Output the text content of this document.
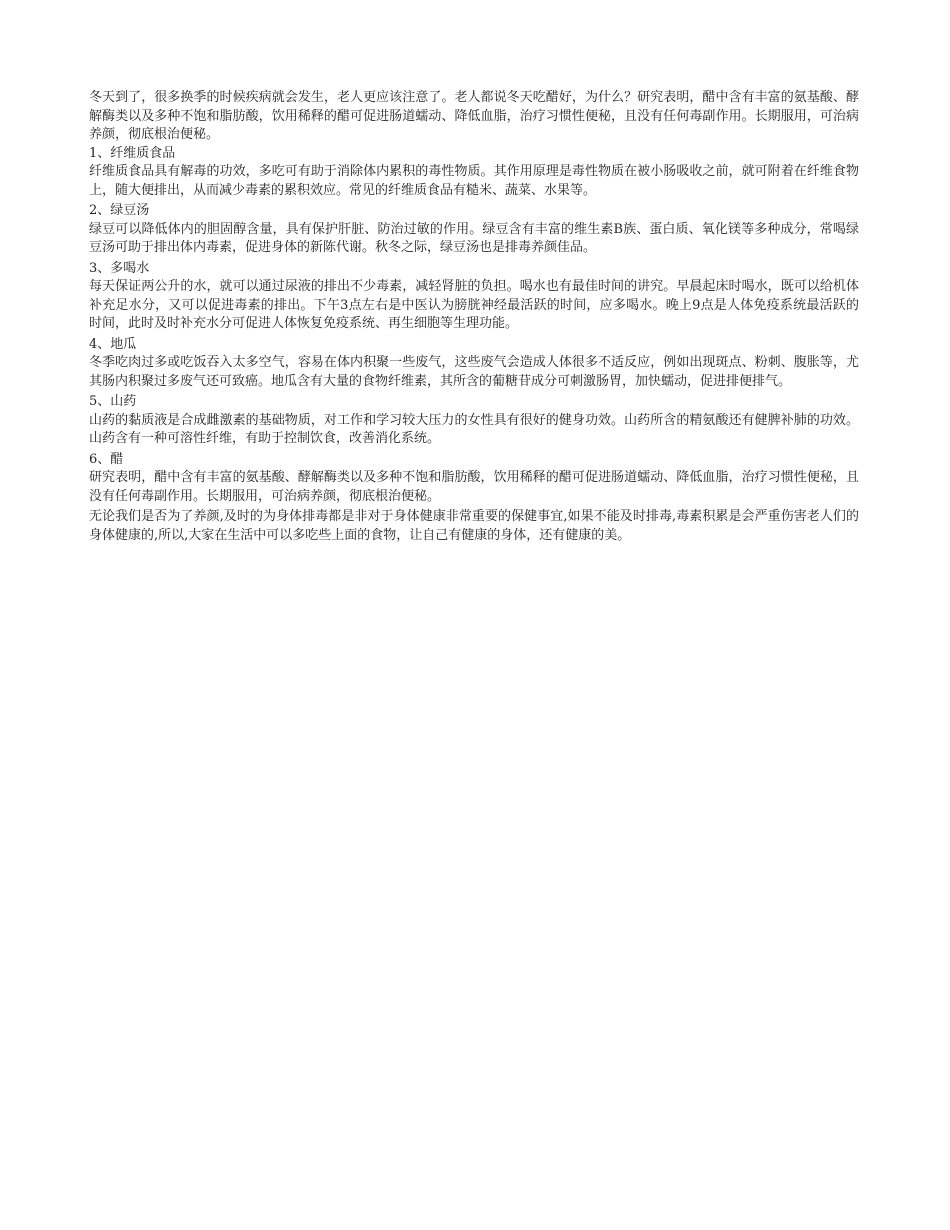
冬天到了，很多换季的时候疾病就会发生，老人更应该注意了。老人都说冬天吃醋好，为什么？研究表明，醋中含有丰富的氨基酸、酵解酶类以及多种不饱和脂肪酸，饮用稀释的醋可促进肠道蠕动、降低血脂，治疗习惯性便秘，且没有任何毒副作用。长期服用，可治病养颜，彻底根治便秘。

1、纤维质食品

纤维质食品具有解毒的功效，多吃可有助于消除体内累积的毒性物质。其作用原理是毒性物质在被小肠吸收之前，就可附着在纤维食物上，随大便排出，从而减少毒素的累积效应。常见的纤维质食品有糙米、蔬菜、水果等。

2、绿豆汤

绿豆可以降低体内的胆固醇含量，具有保护肝脏、防治过敏的作用。绿豆含有丰富的维生素B族、蛋白质、氧化镁等多种成分，常喝绿豆汤可助于排出体内毒素，促进身体的新陈代谢。秋冬之际，绿豆汤也是排毒养颜佳品。

3、多喝水

每天保证两公升的水，就可以通过尿液的排出不少毒素，减轻肾脏的负担。喝水也有最佳时间的讲究。早晨起床时喝水，既可以给机体补充足水分，又可以促进毒素的排出。下午3点左右是中医认为膀胱神经最活跃的时间，应多喝水。晚上9点是人体免疫系统最活跃的时间，此时及时补充水分可促进人体恢复免疫系统、再生细胞等生理功能。

4、地瓜

冬季吃肉过多或吃饭吞入太多空气，容易在体内积聚一些废气，这些废气会造成人体很多不适反应，例如出现斑点、粉刺、腹胀等，尤其肠内积聚过多废气还可致癌。地瓜含有大量的食物纤维素，其所含的葡糖苷成分可刺激肠胃，加快蠕动，促进排便排气。

5、山药

山药的黏质液是合成雌激素的基础物质，对工作和学习较大压力的女性具有很好的健身功效。山药所含的精氨酸还有健脾补肺的功效。山药含有一种可溶性纤维，有助于控制饮食，改善消化系统。

6、醋

研究表明，醋中含有丰富的氨基酸、酵解酶类以及多种不饱和脂肪酸，饮用稀释的醋可促进肠道蠕动、降低血脂，治疗习惯性便秘，且没有任何毒副作用。长期服用，可治病养颜，彻底根治便秘。

无论我们是否为了养颜,及时的为身体排毒都是非对于身体健康非常重要的保健事宜,如果不能及时排毒,毒素积累是会严重伤害老人们的身体健康的,所以,大家在生活中可以多吃些上面的食物，让自己有健康的身体，还有健康的美。
